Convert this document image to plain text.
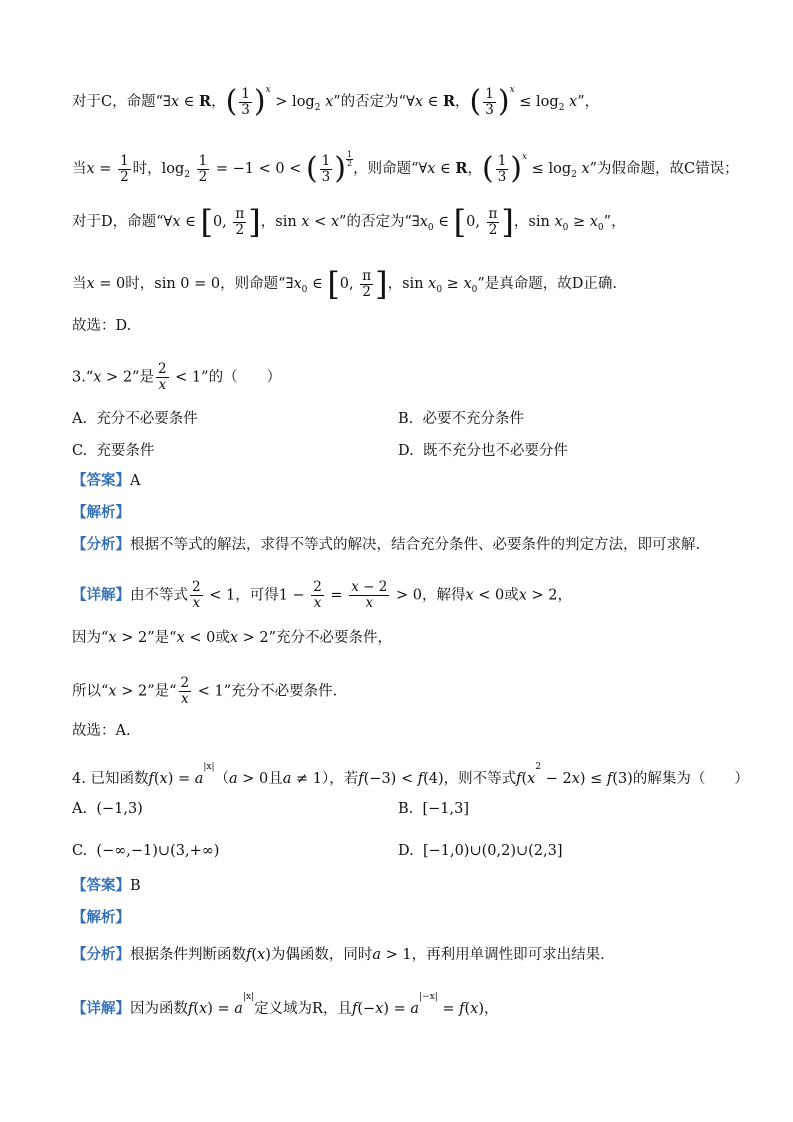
对于C，命题“∃x ∈ R，( $\frac{1}{3} )^x > \log_2 x$”的否定为“∀x ∈ R，( $\frac{1}{3} )^x \le \log_2 x$”，
当$x = \frac{1}{2}$ 时，$\log_2 \frac{1}{2} = -1 < 0$ < ( $\frac{1}{3}$ ) $\frac{1}{2}$
，则命题“∀x ∈ R，( $\frac{1}{3} )^x \le \log_2 x$”为假命题，故C错误；
对于D，命题“∀x ∈ [0, $\frac{\pi}{2}$ ]，sin x < x”的否定为“$\exists x_0$ ∈ [0, $\frac{\pi}{2}$ ]，$\sin x_0 \ge x_0$”，
当x = 0时，sin 0 = 0，则命题“$\exists x_0$ ∈ [0, $\frac{\pi}{2}$ ]，$\sin x_0 \ge x_0$”是真命题，故D正确.
故选：D.
3.“x > 2”是 $\frac{2}{x} < 1$”的（　　）
A. 充分不必要条件	B. 必要不充分条件
C. 充要条件	D. 既不充分也不必要分件
【答案】A
【解析】
【分析】根据不等式的解法，求得不等式的解决，结合充分条件、必要条件的判定方法，即可求解.
【详解】由不等式 $\frac{2}{x} < 1$，可得$1 - \frac{2}{x} = \frac{x - 2}{x} > 0$，解得x < 0或x > 2，
因为“x > 2”是“x < 0或x > 2”充分不必要条件，
所以“x > 2”是“ $\frac{2}{x} < 1$”充分不必要条件.
故选：A.
4. 已知函数$f(x) = a^{|x|}(a > 0$且a ≠ 1），若f(−3) < f(4)，则不等式$f(x^2 - 2x) \le f(3)$的解集为（　　）
A. (−1,3)	B. [−1,3]
C. (−∞,−1)∪(3,+∞)	D. [−1,0)∪(0,2)∪(2,3]
【答案】B
【解析】
【分析】根据条件判断函数f(x)为偶函数，同时a > 1，再利用单调性即可求出结果.
【详解】因为函数$f(x) = a^{|x|}$定义域为R，且$f(-x) = a^{|-x|} = f(x)$，
